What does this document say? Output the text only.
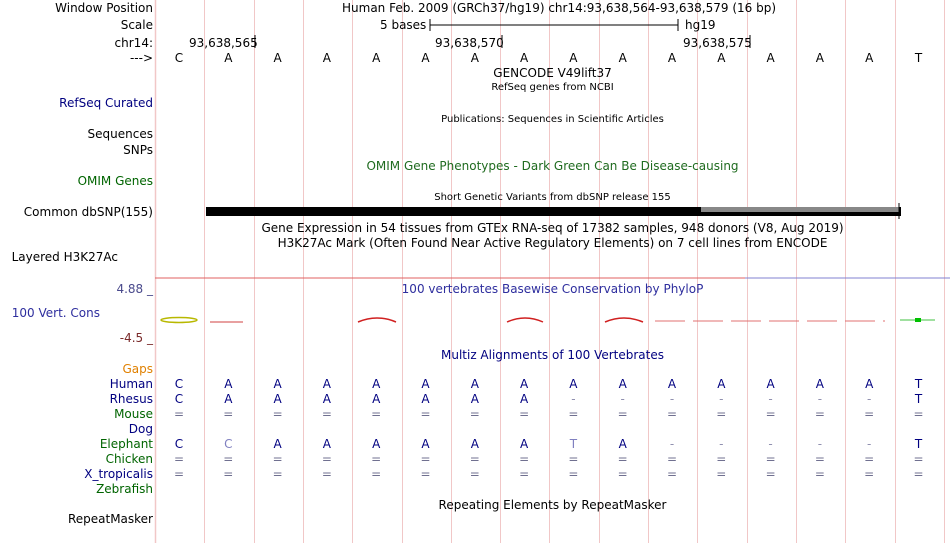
Window Position	Human Feb. 2009 (GRCh37/hg19) chr14:93,638,564-93,638,579 (16 bp)
Scale	5 bases	hg19
chr14:	93,638,565	93,638,570	93,638,575
--->	C	A	A	A	A	A	A	A	A	A	A	A	A	A	A	T
GENCODE V49lift37
RefSeq genes from NCBI
RefSeq Curated
Publications: Sequences in Scientific Articles
Sequences
SNPs
OMIM Gene Phenotypes - Dark Green Can Be Disease-causing
OMIM Genes
Short Genetic Variants from dbSNP release 155
Common dbSNP(155)
Gene Expression in 54 tissues from GTEx RNA-seq of 17382 samples, 948 donors (V8, Aug 2019)
H3K27Ac Mark (Often Found Near Active Regulatory Elements) on 7 cell lines from ENCODE
Layered H3K27Ac
100 vertebrates Basewise Conservation by PhyloP
4.88 _
100 Vert. Cons
-4.5 _
Multiz Alignments of 100 Vertebrates
Gaps
Human	C	A	A	A	A	A	A	A	A	A	A	A	A	A	A	T
Rhesus	C	A	A	A	A	A	A	A	-	-	-	-	-	-	-	T
Mouse	=	=	=	=	=	=	=	=	=	=	=	=	=	=	=	=
Dog
Elephant	C	C	A	A	A	A	A	A	T	A	-	-	-	-	-	T
Chicken	=	=	=	=	=	=	=	=	=	=	=	=	=	=	=	=
X_tropicalis	=	=	=	=	=	=	=	=	=	=	=	=	=	=	=	=
Zebrafish
Repeating Elements by RepeatMasker
RepeatMasker
